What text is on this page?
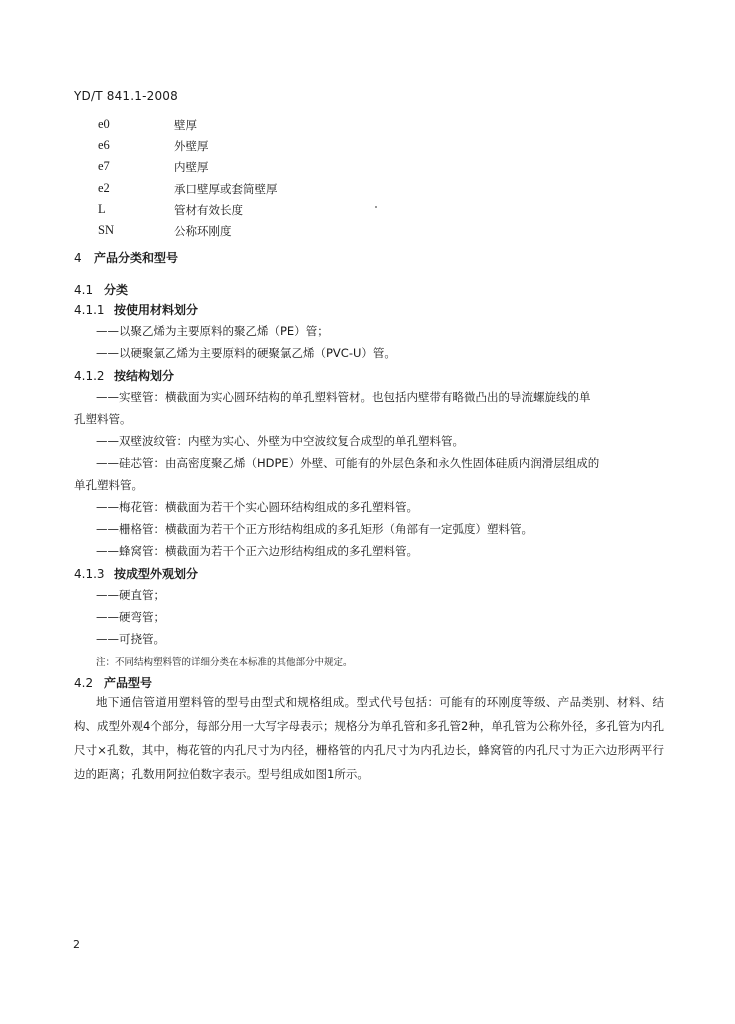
YD/T 841.1-2008
e0	壁厚
e6	外壁厚
e7	内壁厚
e2	承口壁厚或套筒壁厚
L	管材有效长度
SN	公称环刚度
4 产品分类和型号
4.1 分类
4.1.1 按使用材料划分
——以聚乙烯为主要原料的聚乙烯（PE）管；
——以硬聚氯乙烯为主要原料的硬聚氯乙烯（PVC-U）管。
4.1.2 按结构划分
——实壁管：横截面为实心圆环结构的单孔塑料管材。也包括内壁带有略微凸出的导流螺旋线的单
孔塑料管。
——双壁波纹管：内壁为实心、外壁为中空波纹复合成型的单孔塑料管。
——硅芯管：由高密度聚乙烯（HDPE）外壁、可能有的外层色条和永久性固体硅质内润滑层组成的
单孔塑料管。
——梅花管：横截面为若干个实心圆环结构组成的多孔塑料管。
——栅格管：横截面为若干个正方形结构组成的多孔矩形（角部有一定弧度）塑料管。
——蜂窝管：横截面为若干个正六边形结构组成的多孔塑料管。
4.1.3 按成型外观划分
——硬直管；
——硬弯管；
——可挠管。
注：不同结构塑料管的详细分类在本标准的其他部分中规定。
4.2 产品型号
地下通信管道用塑料管的型号由型式和规格组成。型式代号包括：可能有的环刚度等级、产品类别、材料、结构、成型外观4个部分，每部分用一大写字母表示；规格分为单孔管和多孔管2种，单孔管为公称外径，多孔管为内孔尺寸×孔数，其中，梅花管的内孔尺寸为内径，栅格管的内孔尺寸为内孔边长，蜂窝管的内孔尺寸为正六边形两平行边的距离；孔数用阿拉伯数字表示。型号组成如图1所示。
2
